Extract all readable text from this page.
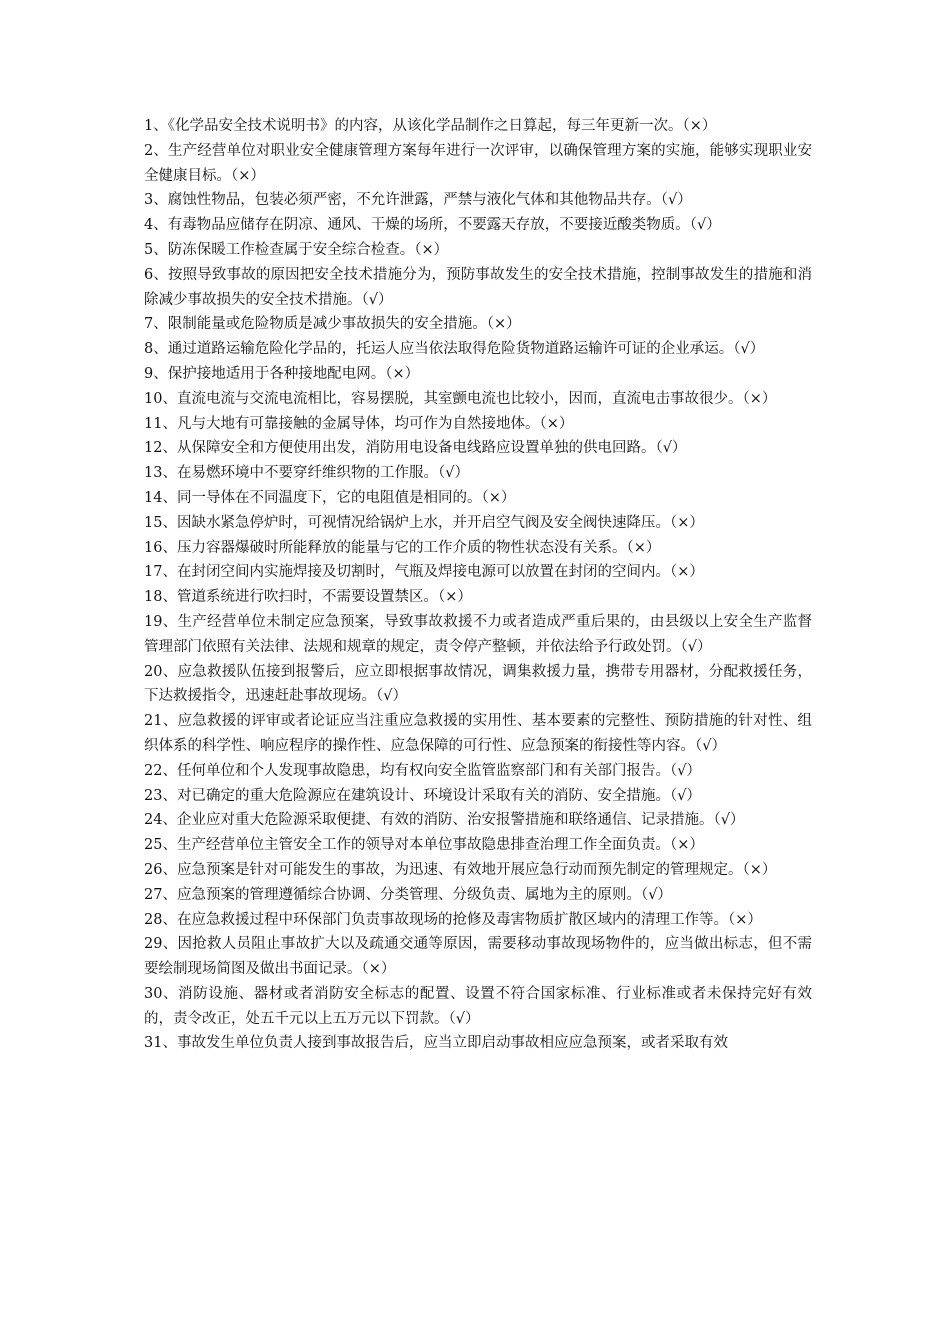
1、《化学品安全技术说明书》的内容，从该化学品制作之日算起，每三年更新一次。（×）

2、生产经营单位对职业安全健康管理方案每年进行一次评审，以确保管理方案的实施，能够实现职业安全健康目标。（×）

3、腐蚀性物品，包装必须严密，不允许泄露，严禁与液化气体和其他物品共存。（√）

4、有毒物品应储存在阴凉、通风、干燥的场所，不要露天存放，不要接近酸类物质。（√）

5、防冻保暖工作检查属于安全综合检查。（×）

6、按照导致事故的原因把安全技术措施分为，预防事故发生的安全技术措施，控制事故发生的措施和消除减少事故损失的安全技术措施。（√）

7、限制能量或危险物质是减少事故损失的安全措施。（×）

8、通过道路运输危险化学品的，托运人应当依法取得危险货物道路运输许可证的企业承运。（√）

9、保护接地适用于各种接地配电网。（×）

10、直流电流与交流电流相比，容易摆脱，其室颤电流也比较小，因而，直流电击事故很少。（×）

11、凡与大地有可靠接触的金属导体，均可作为自然接地体。（×）

12、从保障安全和方便使用出发，消防用电设备电线路应设置单独的供电回路。（√）

13、在易燃环境中不要穿纤维织物的工作服。（√）

14、同一导体在不同温度下，它的电阻值是相同的。（×）

15、因缺水紧急停炉时，可视情况给锅炉上水，并开启空气阀及安全阀快速降压。（×）

16、压力容器爆破时所能释放的能量与它的工作介质的物性状态没有关系。（×）

17、在封闭空间内实施焊接及切割时，气瓶及焊接电源可以放置在封闭的空间内。（×）

18、管道系统进行吹扫时，不需要设置禁区。（×）

19、生产经营单位未制定应急预案，导致事故救援不力或者造成严重后果的，由县级以上安全生产监督管理部门依照有关法律、法规和规章的规定，责令停产整顿，并依法给予行政处罚。（√）

20、应急救援队伍接到报警后，应立即根据事故情况，调集救援力量，携带专用器材，分配救援任务，下达救援指令，迅速赶赴事故现场。（√）

21、应急救援的评审或者论证应当注重应急救援的实用性、基本要素的完整性、预防措施的针对性、组织体系的科学性、响应程序的操作性、应急保障的可行性、应急预案的衔接性等内容。（√）

22、任何单位和个人发现事故隐患，均有权向安全监管监察部门和有关部门报告。（√）

23、对已确定的重大危险源应在建筑设计、环境设计采取有关的消防、安全措施。（√）

24、企业应对重大危险源采取便捷、有效的消防、治安报警措施和联络通信、记录措施。（√）

25、生产经营单位主管安全工作的领导对本单位事故隐患排查治理工作全面负责。（×）

26、应急预案是针对可能发生的事故，为迅速、有效地开展应急行动而预先制定的管理规定。（×）

27、应急预案的管理遵循综合协调、分类管理、分级负责、属地为主的原则。（√）

28、在应急救援过程中环保部门负责事故现场的抢修及毒害物质扩散区域内的清理工作等。（×）

29、因抢救人员阻止事故扩大以及疏通交通等原因，需要移动事故现场物件的，应当做出标志，但不需要绘制现场简图及做出书面记录。（×）

30、消防设施、器材或者消防安全标志的配置、设置不符合国家标准、行业标准或者未保持完好有效的，责令改正，处五千元以上五万元以下罚款。（√）

31、事故发生单位负责人接到事故报告后，应当立即启动事故相应应急预案，或者采取有效
